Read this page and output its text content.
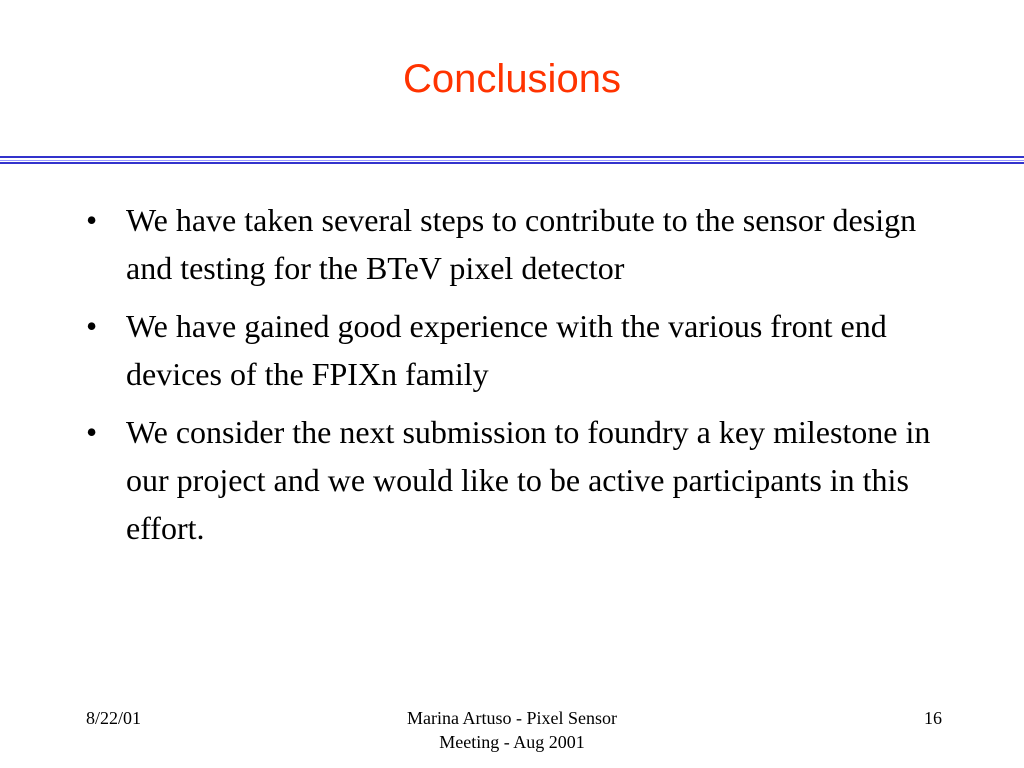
Conclusions
• We have taken several steps to contribute to the sensor design and testing for the BTeV pixel detector
• We have gained good experience with the various front end devices of the FPIXn family
• We consider the next submission to foundry a key milestone in our project and we would like to be active participants in this effort.
8/22/01	Marina Artuso - Pixel Sensor
Meeting - Aug 2001
16
